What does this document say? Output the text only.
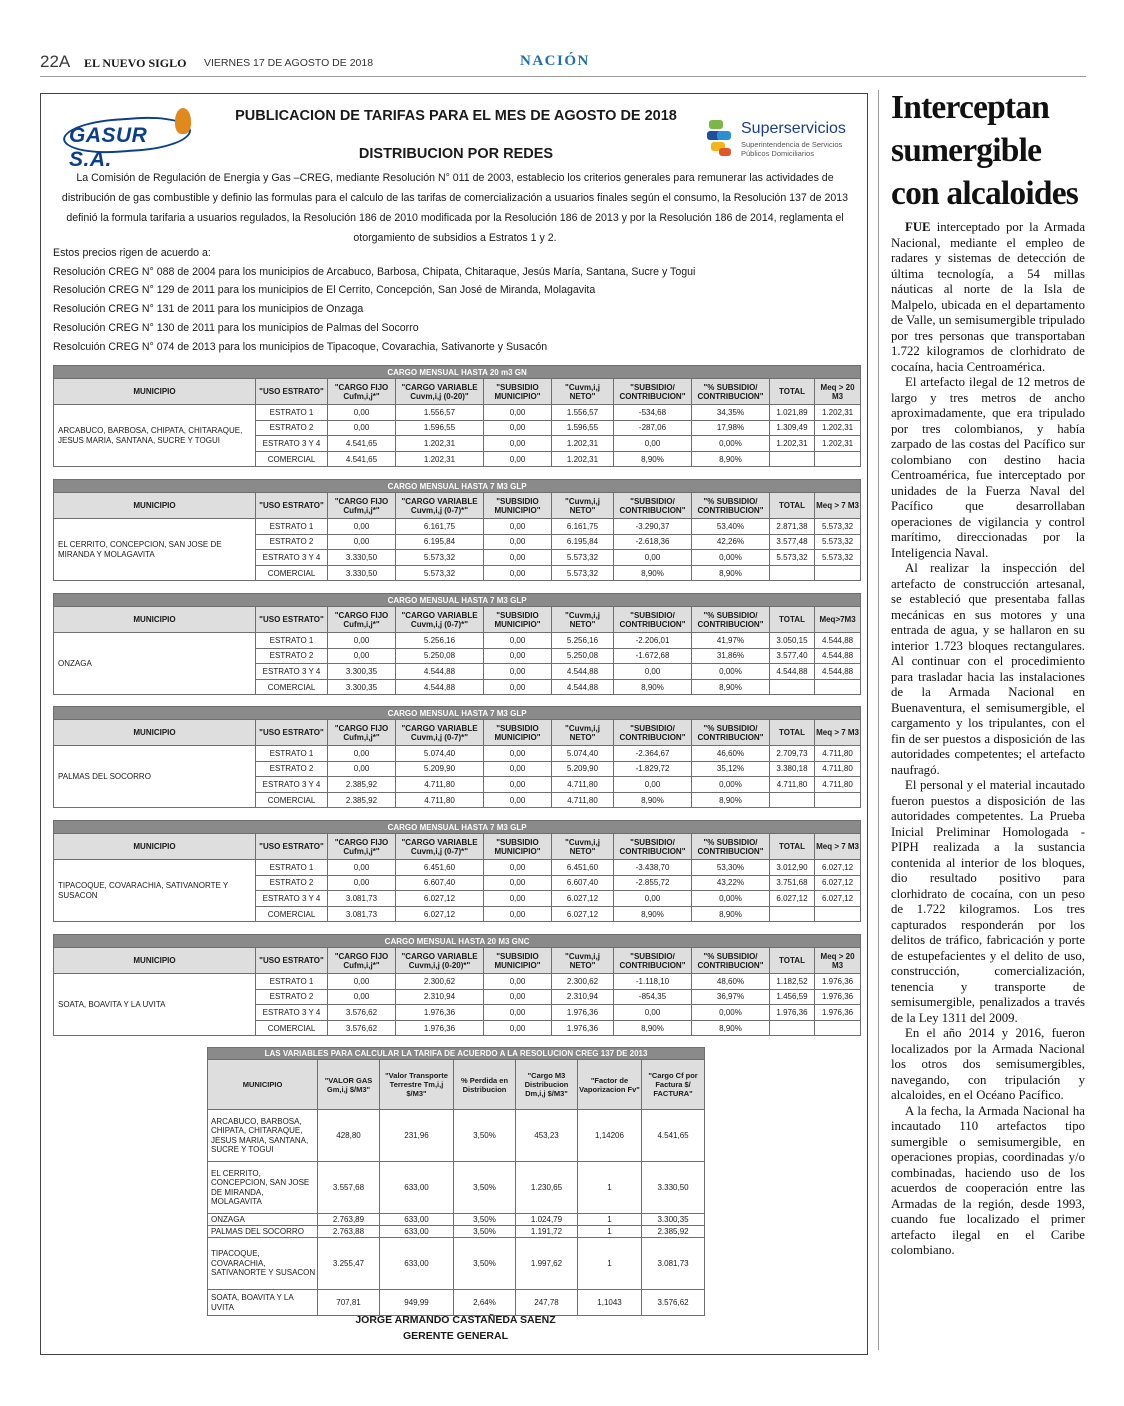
22A EL NUEVO SIGLO VIERNES 17 DE AGOSTO DE 2018	NACIÓN
GASUR S.A.
PUBLICACION DE TARIFAS PARA EL MES DE AGOSTO DE 2018
DISTRIBUCION POR REDES
Superservicios
Superintendencia de Servicios
Públicos Domiciliarios
La Comisión de Regulación de Energia y Gas –CREG, mediante Resolución N° 011 de 2003, establecio los criterios generales para remunerar las actividades de distribución de gas combustible y definio las formulas para el calculo de las tarifas de comercialización a usuarios finales según el consumo, la Resolución 137 de 2013 definió la formula tarifaria a usuarios regulados, la Resolución 186 de 2010 modificada por la Resolución 186 de 2013 y por la Resolución 186 de 2014, reglamenta el otorgamiento de subsidios a Estratos 1 y 2.
Estos precios rigen de acuerdo a:
Resolución CREG N° 088 de 2004 para los municipios de Arcabuco, Barbosa, Chipata, Chitaraque, Jesús María, Santana, Sucre y Togui
Resolución CREG N° 129 de 2011 para los municipios de El Cerrito, Concepción, San José de Miranda, Molagavita
Resolución CREG N° 131 de 2011 para los municipios de Onzaga
Resolución CREG N° 130 de 2011 para los municipios de Palmas del Socorro
Resolcuión CREG N° 074 de 2013 para los municipios de Tipacoque, Covarachia, Sativanorte y Susacón
CARGO MENSUAL HASTA 20 m3 GN									
MUNICIPIO	"USO ESTRATO"	"CARGO FIJO Cufm,i,j*"	"CARGO VARIABLE Cuvm,i,j (0-20)"	"SUBSIDIO MUNICIPIO"	"Cuvm,i,j NETO"	"SUBSIDIO/ CONTRIBUCION"	"% SUBSIDIO/ CONTRIBUCION"	TOTAL	Meq > 20 M3
ARCABUCO, BARBOSA, CHIPATA, CHITARAQUE, JESUS MARIA, SANTANA, SUCRE Y TOGUI	ESTRATO 1	0,00	1.556,57	0,00	1.556,57	-534,68	34,35%	1.021,89	1.202,31
	ESTRATO 2	0,00	1.596,55	0,00	1.596,55	-287,06	17,98%	1.309,49	1.202,31
	ESTRATO 3 Y 4	4.541,65	1.202,31	0,00	1.202,31	0,00	0,00%	1.202,31	1.202,31
	COMERCIAL	4.541,65	1.202,31	0,00	1.202,31	8,90%	8,90%		
CARGO MENSUAL HASTA 7 M3 GLP									
MUNICIPIO	"USO ESTRATO"	"CARGO FIJO Cufm,i,j*"	"CARGO VARIABLE Cuvm,i,j (0-7)*"	"SUBSIDIO MUNICIPIO"	"Cuvm,i,j NETO"	"SUBSIDIO/ CONTRIBUCION"	"% SUBSIDIO/ CONTRIBUCION"	TOTAL	Meq > 7 M3
EL CERRITO, CONCEPCION, SAN JOSE DE MIRANDA Y MOLAGAVITA	ESTRATO 1	0,00	6.161,75	0,00	6.161,75	-3.290,37	53,40%	2.871,38	5.573,32
	ESTRATO 2	0,00	6.195,84	0,00	6.195,84	-2.618,36	42,26%	3.577,48	5.573,32
	ESTRATO 3 Y 4	3.330,50	5.573,32	0,00	5.573,32	0,00	0,00%	5.573,32	5.573,32
	COMERCIAL	3.330,50	5.573,32	0,00	5.573,32	8,90%	8,90%		
CARGO MENSUAL HASTA 7 M3 GLP									
MUNICIPIO	"USO ESTRATO"	"CARGO FIJO Cufm,i,j*"	"CARGO VARIABLE Cuvm,i,j (0-7)*"	"SUBSIDIO MUNICIPIO"	"Cuvm,i,j NETO"	"SUBSIDIO/ CONTRIBUCION"	"% SUBSIDIO/ CONTRIBUCION"	TOTAL	Meq>7M3
ONZAGA	ESTRATO 1	0,00	5.256,16	0,00	5.256,16	-2.206,01	41,97%	3.050,15	4.544,88
	ESTRATO 2	0,00	5.250,08	0,00	5.250,08	-1.672,68	31,86%	3.577,40	4.544,88
	ESTRATO 3 Y 4	3.300,35	4.544,88	0,00	4.544,88	0,00	0,00%	4.544,88	4.544,88
	COMERCIAL	3.300,35	4.544,88	0,00	4.544,88	8,90%	8,90%		
CARGO MENSUAL HASTA 7 M3 GLP									
MUNICIPIO	"USO ESTRATO"	"CARGO FIJO Cufm,i,j*"	"CARGO VARIABLE Cuvm,i,j (0-7)*"	"SUBSIDIO MUNICIPIO"	"Cuvm,i,j NETO"	"SUBSIDIO/ CONTRIBUCION"	"% SUBSIDIO/ CONTRIBUCION"	TOTAL	Meq > 7 M3
PALMAS DEL SOCORRO	ESTRATO 1	0,00	5.074,40	0,00	5.074,40	-2.364,67	46,60%	2.709,73	4.711,80
	ESTRATO 2	0,00	5.209,90	0,00	5.209,90	-1.829,72	35,12%	3.380,18	4.711,80
	ESTRATO 3 Y 4	2.385,92	4.711,80	0,00	4.711,80	0,00	0,00%	4.711,80	4.711,80
	COMERCIAL	2.385,92	4.711,80	0,00	4.711,80	8,90%	8,90%		
CARGO MENSUAL HASTA 7 M3 GLP									
MUNICIPIO	"USO ESTRATO"	"CARGO FIJO Cufm,i,j*"	"CARGO VARIABLE Cuvm,i,j (0-7)*"	"SUBSIDIO MUNICIPIO"	"Cuvm,i,j NETO"	"SUBSIDIO/ CONTRIBUCION"	"% SUBSIDIO/ CONTRIBUCION"	TOTAL	Meq > 7 M3
TIPACOQUE, COVARACHIA, SATIVANORTE Y SUSACON	ESTRATO 1	0,00	6.451,60	0,00	6.451,60	-3.438,70	53,30%	3.012,90	6.027,12
	ESTRATO 2	0,00	6.607,40	0,00	6.607,40	-2.855,72	43,22%	3.751,68	6.027,12
	ESTRATO 3 Y 4	3.081,73	6.027,12	0,00	6.027,12	0,00	0,00%	6.027,12	6.027,12
	COMERCIAL	3.081,73	6.027,12	0,00	6.027,12	8,90%	8,90%		
CARGO MENSUAL HASTA 20 M3 GNC									
MUNICIPIO	"USO ESTRATO"	"CARGO FIJO Cufm,i,j*"	"CARGO VARIABLE Cuvm,i,j (0-20)*"	"SUBSIDIO MUNICIPIO"	"Cuvm,i,j NETO"	"SUBSIDIO/ CONTRIBUCION"	"% SUBSIDIO/ CONTRIBUCION"	TOTAL	Meq > 20 M3
SOATA, BOAVITA Y LA UVITA	ESTRATO 1	0,00	2.300,62	0,00	2.300,62	-1.118,10	48,60%	1.182,52	1.976,36
	ESTRATO 2	0,00	2.310,94	0,00	2.310,94	-854,35	36,97%	1.456,59	1.976,36
	ESTRATO 3 Y 4	3.576,62	1.976,36	0,00	1.976,36	0,00	0,00%	1.976,36	1.976,36
	COMERCIAL	3.576,62	1.976,36	0,00	1.976,36	8,90%	8,90%		
LAS VARIABLES PARA CALCULAR LA TARIFA DE ACUERDO A LA RESOLUCION CREG 137 DE 2013						
MUNICIPIO	"VALOR GAS Gm,i,j $/M3"	"Valor Transporte Terrestre Tm,i,j $/M3"	% Perdida en Distribucion	"Cargo M3 Distribucion Dm,i,j $/M3"	"Factor de Vaporizacion Fv"	"Cargo Cf por Factura $/ FACTURA"
ARCABUCO, BARBOSA, CHIPATA, CHITARAQUE, JESUS MARIA, SANTANA, SUCRE Y TOGUI	428,80	231,96	3,50%	453,23	1,14206	4.541,65
EL CERRITO, CONCEPCION, SAN JOSE DE MIRANDA, MOLAGAVITA	3.557,68	633,00	3,50%	1.230,65	1	3.330,50
ONZAGA	2.763,89	633,00	3,50%	1.024,79	1	3.300,35
PALMAS DEL SOCORRO	2.763,88	633,00	3,50%	1.191,72	1	2.385,92
TIPACOQUE, COVARACHIA, SATIVANORTE Y SUSACON	3.255,47	633,00	3,50%	1.997,62	1	3.081,73
SOATA, BOAVITA Y LA UVITA	707,81	949,99	2,64%	247,78	1,1043	3.576,62
JORGE ARMANDO CASTAÑEDA SAENZ
GERENTE GENERAL
Interceptan
sumergible
con alcaloides

FUE interceptado por la Armada Nacional, mediante el empleo de radares y sistemas de detección de última tecnología, a 54 millas náuticas al norte de la Isla de Malpelo, ubicada en el departamento de Valle, un semisumergible tripulado por tres personas que transportaban 1.722 kilogramos de clorhidrato de cocaína, hacia Centroamérica.

El artefacto ilegal de 12 metros de largo y tres metros de ancho aproximadamente, que era tripulado por tres colombianos, y había zarpado de las costas del Pacífico sur colombiano con destino hacia Centroamérica, fue interceptado por unidades de la Fuerza Naval del Pacífico que desarrollaban operaciones de vigilancia y control marítimo, direccionadas por la Inteligencia Naval.

Al realizar la inspección del artefacto de construcción artesanal, se estableció que presentaba fallas mecánicas en sus motores y una entrada de agua, y se hallaron en su interior 1.723 bloques rectangulares. Al continuar con el procedimiento para trasladar hacia las instalaciones de la Armada Nacional en Buenaventura, el semisumergible, el cargamento y los tripulantes, con el fin de ser puestos a disposición de las autoridades competentes; el artefacto naufragó.

El personal y el material incautado fueron puestos a disposición de las autoridades competentes. La Prueba Inicial Preliminar Homologada - PIPH realizada a la sustancia contenida al interior de los bloques, dio resultado positivo para clorhidrato de cocaína, con un peso de 1.722 kilogramos. Los tres capturados responderán por los delitos de tráfico, fabricación y porte de estupefacientes y el delito de uso, construcción, comercialización, tenencia y transporte de semisumergible, penalizados a través de la Ley 1311 del 2009.

En el año 2014 y 2016, fueron localizados por la Armada Nacional los otros dos semisumergibles, navegando, con tripulación y alcaloides, en el Océano Pacífico.

A la fecha, la Armada Nacional ha incautado 110 artefactos tipo sumergible o semisumergible, en operaciones propias, coordinadas y/o combinadas, haciendo uso de los acuerdos de cooperación entre las Armadas de la región, desde 1993, cuando fue localizado el primer artefacto ilegal en el Caribe colombiano.
